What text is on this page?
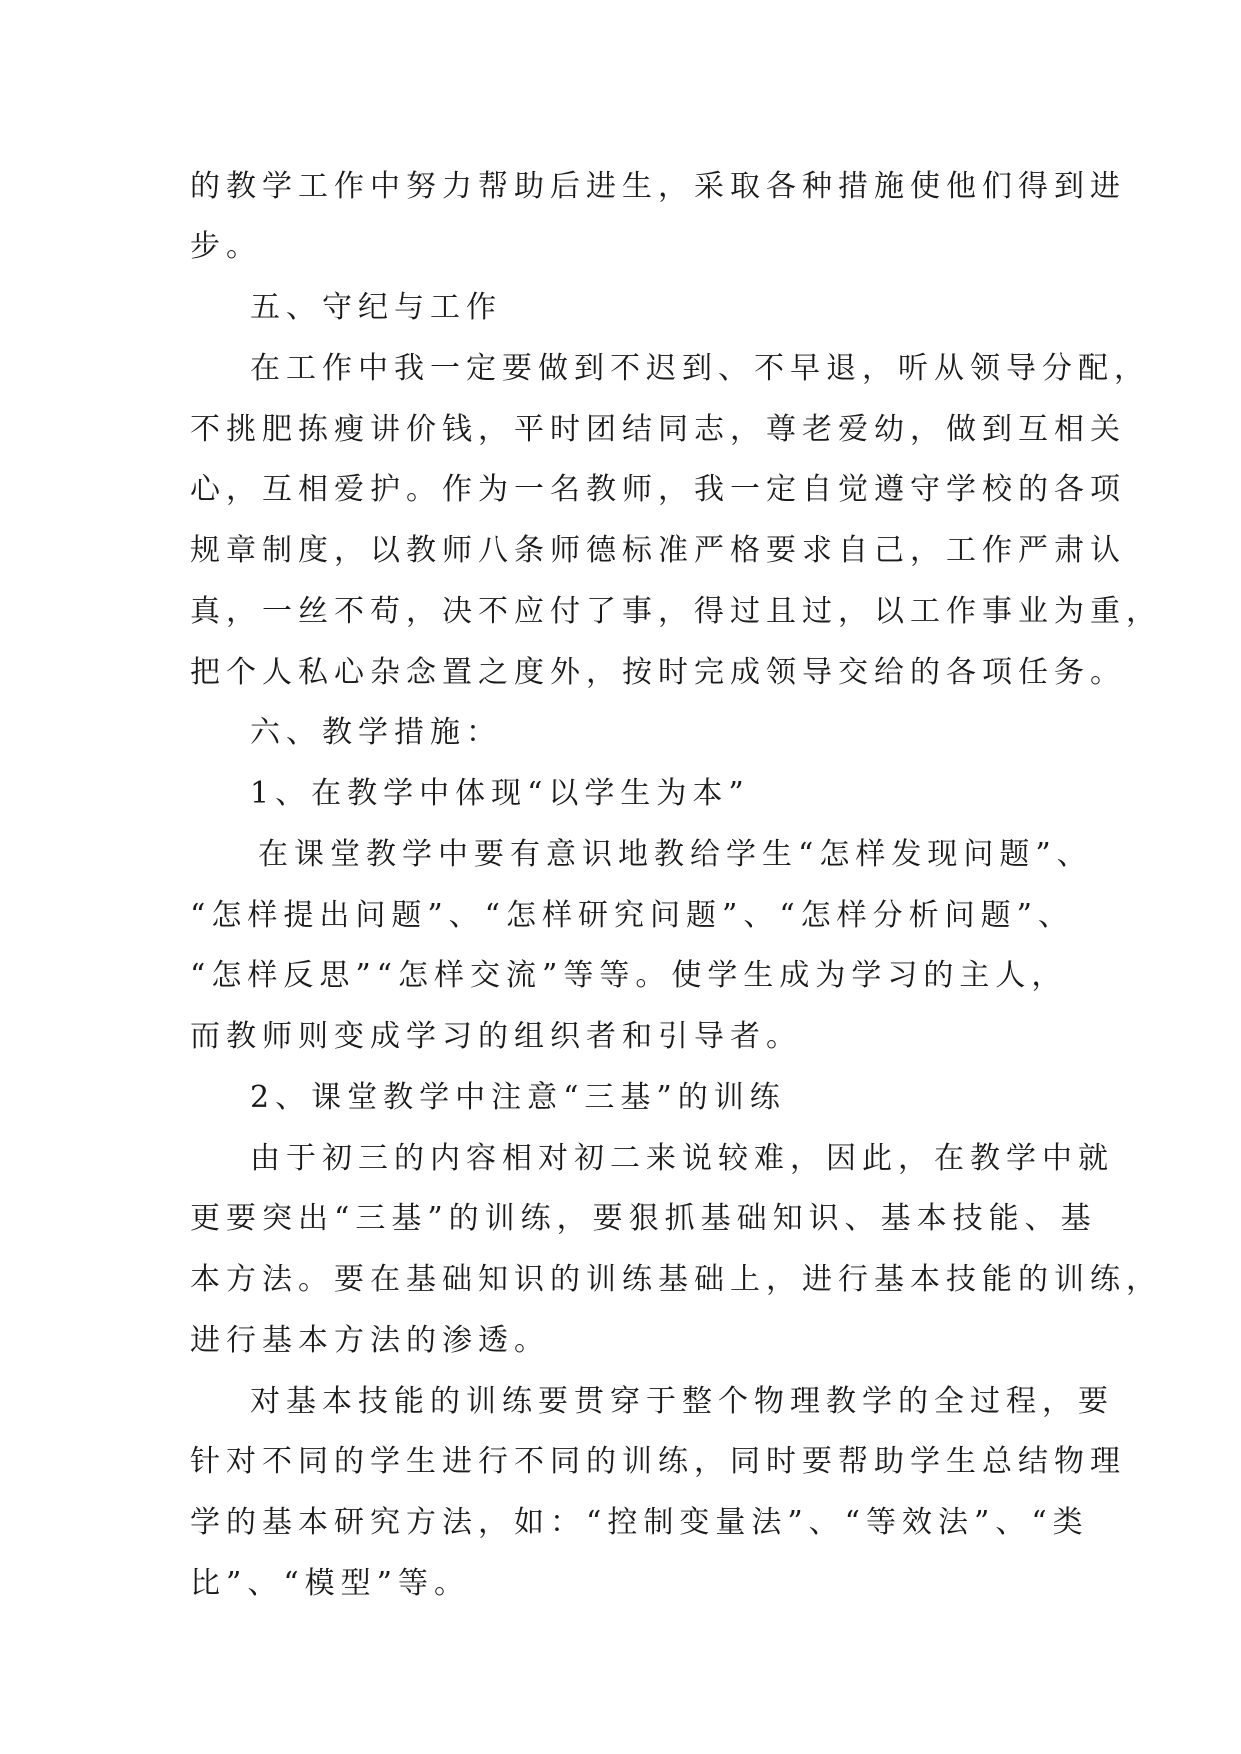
的教学工作中努力帮助后进生，采取各种措施使他们得到进
步。
五、守纪与工作
在工作中我一定要做到不迟到、不早退，听从领导分配，
不挑肥拣瘦讲价钱，平时团结同志，尊老爱幼，做到互相关
心，互相爱护。作为一名教师，我一定自觉遵守学校的各项
规章制度，以教师八条师德标准严格要求自己，工作严肃认
真，一丝不苟，决不应付了事，得过且过，以工作事业为重，
把个人私心杂念置之度外，按时完成领导交给的各项任务。
六、教学措施：
1、在教学中体现“以学生为本”
在课堂教学中要有意识地教给学生“怎样发现问题”、
“怎样提出问题”、“怎样研究问题”、“怎样分析问题”、
“怎样反思”“怎样交流”等等。使学生成为学习的主人，
而教师则变成学习的组织者和引导者。
2、课堂教学中注意“三基”的训练
由于初三的内容相对初二来说较难，因此，在教学中就
更要突出“三基”的训练，要狠抓基础知识、基本技能、基
本方法。要在基础知识的训练基础上，进行基本技能的训练，
进行基本方法的渗透。
对基本技能的训练要贯穿于整个物理教学的全过程，要
针对不同的学生进行不同的训练，同时要帮助学生总结物理
学的基本研究方法，如：“控制变量法”、“等效法”、“类
比”、“模型”等。
